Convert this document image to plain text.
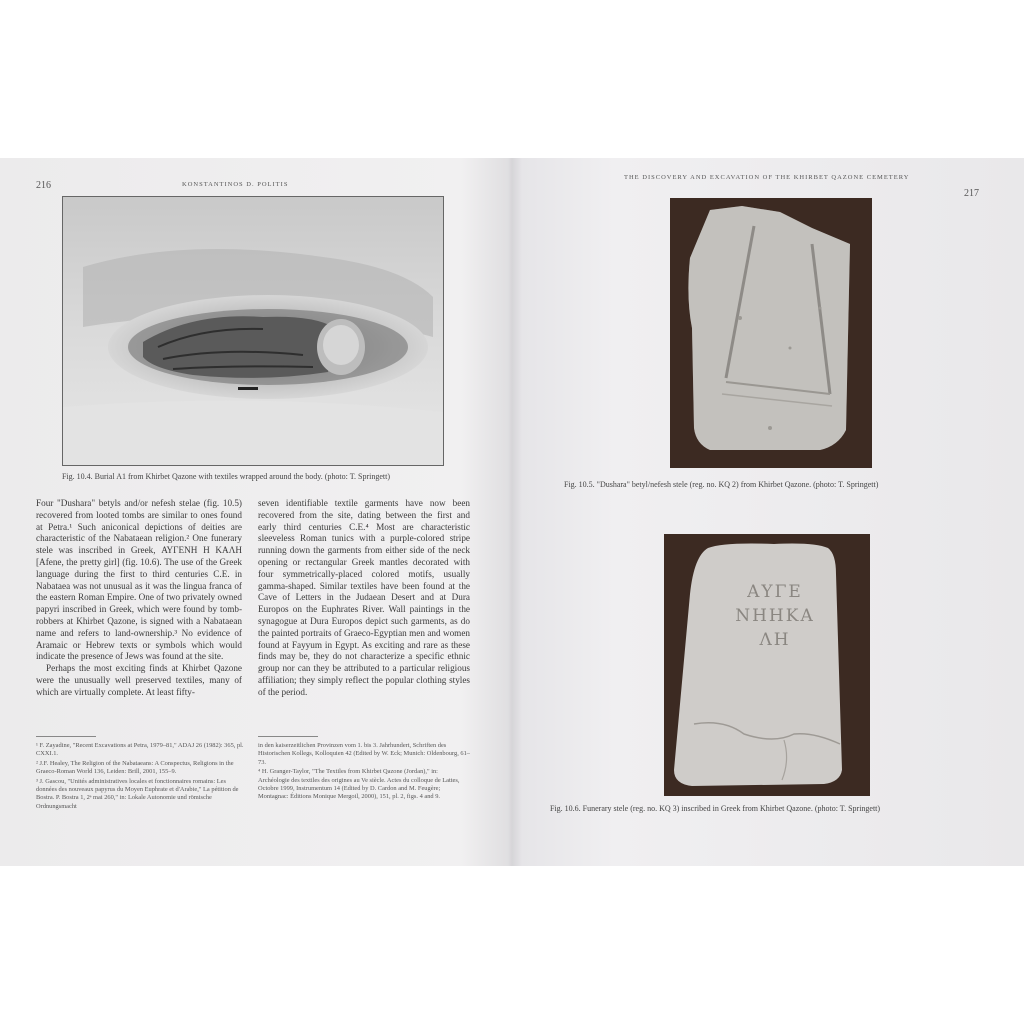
216	KONSTANTINOS D. POLITIS
Fig. 10.4. Burial A1 from Khirbet Qazone with textiles wrapped around the body. (photo: T. Springett)

Four "Dushara" betyls and/or nefesh stelae (fig. 10.5) recovered from looted tombs are similar to ones found at Petra.¹ Such aniconical depictions of deities are characteristic of the Nabataean religion.² One funerary stele was inscribed in Greek, ΑΥΓΕΝΗ Η ΚΑΛΗ [Afene, the pretty girl] (fig. 10.6). The use of the Greek language during the first to third centuries C.E. in Nabataea was not unusual as it was the lingua franca of the eastern Roman Empire. One of two privately owned papyri inscribed in Greek, which were found by tomb-robbers at Khirbet Qazone, is signed with a Nabataean name and refers to land-ownership.³ No evidence of Aramaic or Hebrew texts or symbols which would indicate the presence of Jews was found at the site.

Perhaps the most exciting finds at Khirbet Qazone were the unusually well preserved textiles, many of which are virtually complete. At least fifty-

seven identifiable textile garments have now been recovered from the site, dating between the first and early third centuries C.E.⁴ Most are characteristic sleeveless Roman tunics with a purple-colored stripe running down the garments from either side of the neck opening or rectangular Greek mantles decorated with four symmetrically-placed colored motifs, usually gamma-shaped. Similar textiles have been found at the Cave of Letters in the Judaean Desert and at Dura Europos on the Euphrates River. Wall paintings in the synagogue at Dura Europos depict such garments, as do the painted portraits of Graeco-Egyptian men and women found at Fayyum in Egypt. As exciting and rare as these finds may be, they do not characterize a specific ethnic group nor can they be attributed to a particular religious affiliation; they simply reflect the popular clothing styles of the period.

¹ F. Zayadine, "Recent Excavations at Petra, 1979–81," ADAJ 26 (1982): 365, pl. CXXI.1.

² J.F. Healey, The Religion of the Nabataeans: A Conspectus, Religions in the Graeco-Roman World 136, Leiden: Brill, 2001, 155–9.

³ J. Gascou, "Unités administratives locales et fonctionnaires romains: Les données des nouveaux papyrus du Moyen Euphrate et d'Arabie," La pétition de Bostra. P. Bostra 1, 2ᵉ mai 260," in: Lokale Autonomie und römische Ordnungsmacht

in den kaiserzeitlichen Provinzen vom 1. bis 3. Jahrhundert, Schriften des Historischen Kollegs, Kolloquien 42 (Edited by W. Eck; Munich: Oldenbourg, 61–73.

⁴ H. Granger-Taylor, "The Textiles from Khirbet Qazone (Jordan)," in: Archéologie des textiles des origines au Ve siècle. Actes du colloque de Lattes, Octobre 1999, Instrumentum 14 (Edited by D. Cardon and M. Feugère; Montagnac: Éditions Monique Mergoil, 2000), 151, pl. 2, figs. 4 and 9.

THE DISCOVERY AND EXCAVATION OF THE KHIRBET QAZONE CEMETERY
217
Fig. 10.5. "Dushara" betyl/nefesh stele (reg. no. KQ 2) from Khirbet Qazone. (photo: T. Springett)
ΑΥΓΕ
ΝΗΗΚΑ
ΛΗ
Fig. 10.6. Funerary stele (reg. no. KQ 3) inscribed in Greek from Khirbet Qazone. (photo: T. Springett)
